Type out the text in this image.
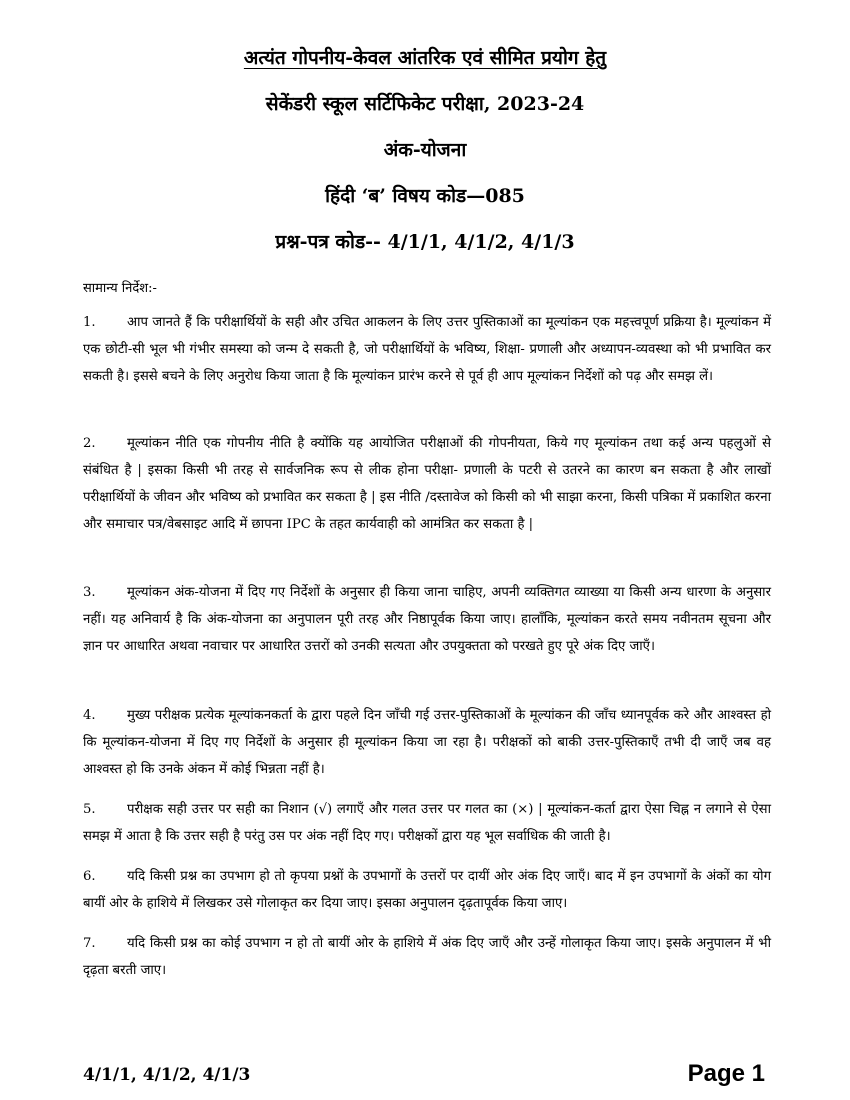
अत्यंत गोपनीय-केवल आंतरिक एवं सीमित प्रयोग हेतु
सेकेंडरी स्कूल सर्टिफिकेट परीक्षा, 2023-24
अंक-योजना
हिंदी ‘ब’ विषय कोड—085
प्रश्न-पत्र कोड-- 4/1/1, 4/1/2, 4/1/3
सामान्य निर्देश:-
1. आप जानते हैं कि परीक्षार्थियों के सही और उचित आकलन के लिए उत्तर पुस्तिकाओं का मूल्यांकन एक महत्त्वपूर्ण प्रक्रिया है। मूल्यांकन में एक छोटी-सी भूल भी गंभीर समस्या को जन्म दे सकती है, जो परीक्षार्थियों के भविष्य, शिक्षा- प्रणाली और अध्यापन-व्यवस्था को भी प्रभावित कर सकती है। इससे बचने के लिए अनुरोध किया जाता है कि मूल्यांकन प्रारंभ करने से पूर्व ही आप मूल्यांकन निर्देशों को पढ़ और समझ लें।
2. मूल्यांकन नीति एक गोपनीय नीति है क्योंकि यह आयोजित परीक्षाओं की गोपनीयता, किये गए मूल्यांकन तथा कई अन्य पहलुओं से संबंधित है | इसका किसी भी तरह से सार्वजनिक रूप से लीक होना परीक्षा- प्रणाली के पटरी से उतरने का कारण बन सकता है और लाखों परीक्षार्थियों के जीवन और भविष्य को प्रभावित कर सकता है | इस नीति /दस्तावेज को किसी को भी साझा करना, किसी पत्रिका में प्रकाशित करना और समाचार पत्र/वेबसाइट आदि में छापना IPC के तहत कार्यवाही को आमंत्रित कर सकता है |
3. मूल्यांकन अंक-योजना में दिए गए निर्देशों के अनुसार ही किया जाना चाहिए, अपनी व्यक्तिगत व्याख्या या किसी अन्य धारणा के अनुसार नहीं। यह अनिवार्य है कि अंक-योजना का अनुपालन पूरी तरह और निष्ठापूर्वक किया जाए। हालाँकि, मूल्यांकन करते समय नवीनतम सूचना और ज्ञान पर आधारित अथवा नवाचार पर आधारित उत्तरों को उनकी सत्यता और उपयुक्तता को परखते हुए पूरे अंक दिए जाएँ।
4. मुख्य परीक्षक प्रत्येक मूल्यांकनकर्ता के द्वारा पहले दिन जाँची गई उत्तर-पुस्तिकाओं के मूल्यांकन की जाँच ध्यानपूर्वक करे और आश्वस्त हो कि मूल्यांकन-योजना में दिए गए निर्देशों के अनुसार ही मूल्यांकन किया जा रहा है। परीक्षकों को बाकी उत्तर-पुस्तिकाएँ तभी दी जाएँ जब वह आश्वस्त हो कि उनके अंकन में कोई भिन्नता नहीं है।
5. परीक्षक सही उत्तर पर सही का निशान (√) लगाएँ और गलत उत्तर पर गलत का (×) | मूल्यांकन-कर्ता द्वारा ऐसा चिह्न न लगाने से ऐसा समझ में आता है कि उत्तर सही है परंतु उस पर अंक नहीं दिए गए। परीक्षकों द्वारा यह भूल सर्वाधिक की जाती है।
6. यदि किसी प्रश्न का उपभाग हो तो कृपया प्रश्नों के उपभागों के उत्तरों पर दायीं ओर अंक दिए जाएँ। बाद में इन उपभागों के अंकों का योग बायीं ओर के हाशिये में लिखकर उसे गोलाकृत कर दिया जाए। इसका अनुपालन दृढ़तापूर्वक किया जाए।
7. यदि किसी प्रश्न का कोई उपभाग न हो तो बायीं ओर के हाशिये में अंक दिए जाएँ और उन्हें गोलाकृत किया जाए। इसके अनुपालन में भी दृढ़ता बरती जाए।
4/1/1, 4/1/2, 4/1/3	Page 1
